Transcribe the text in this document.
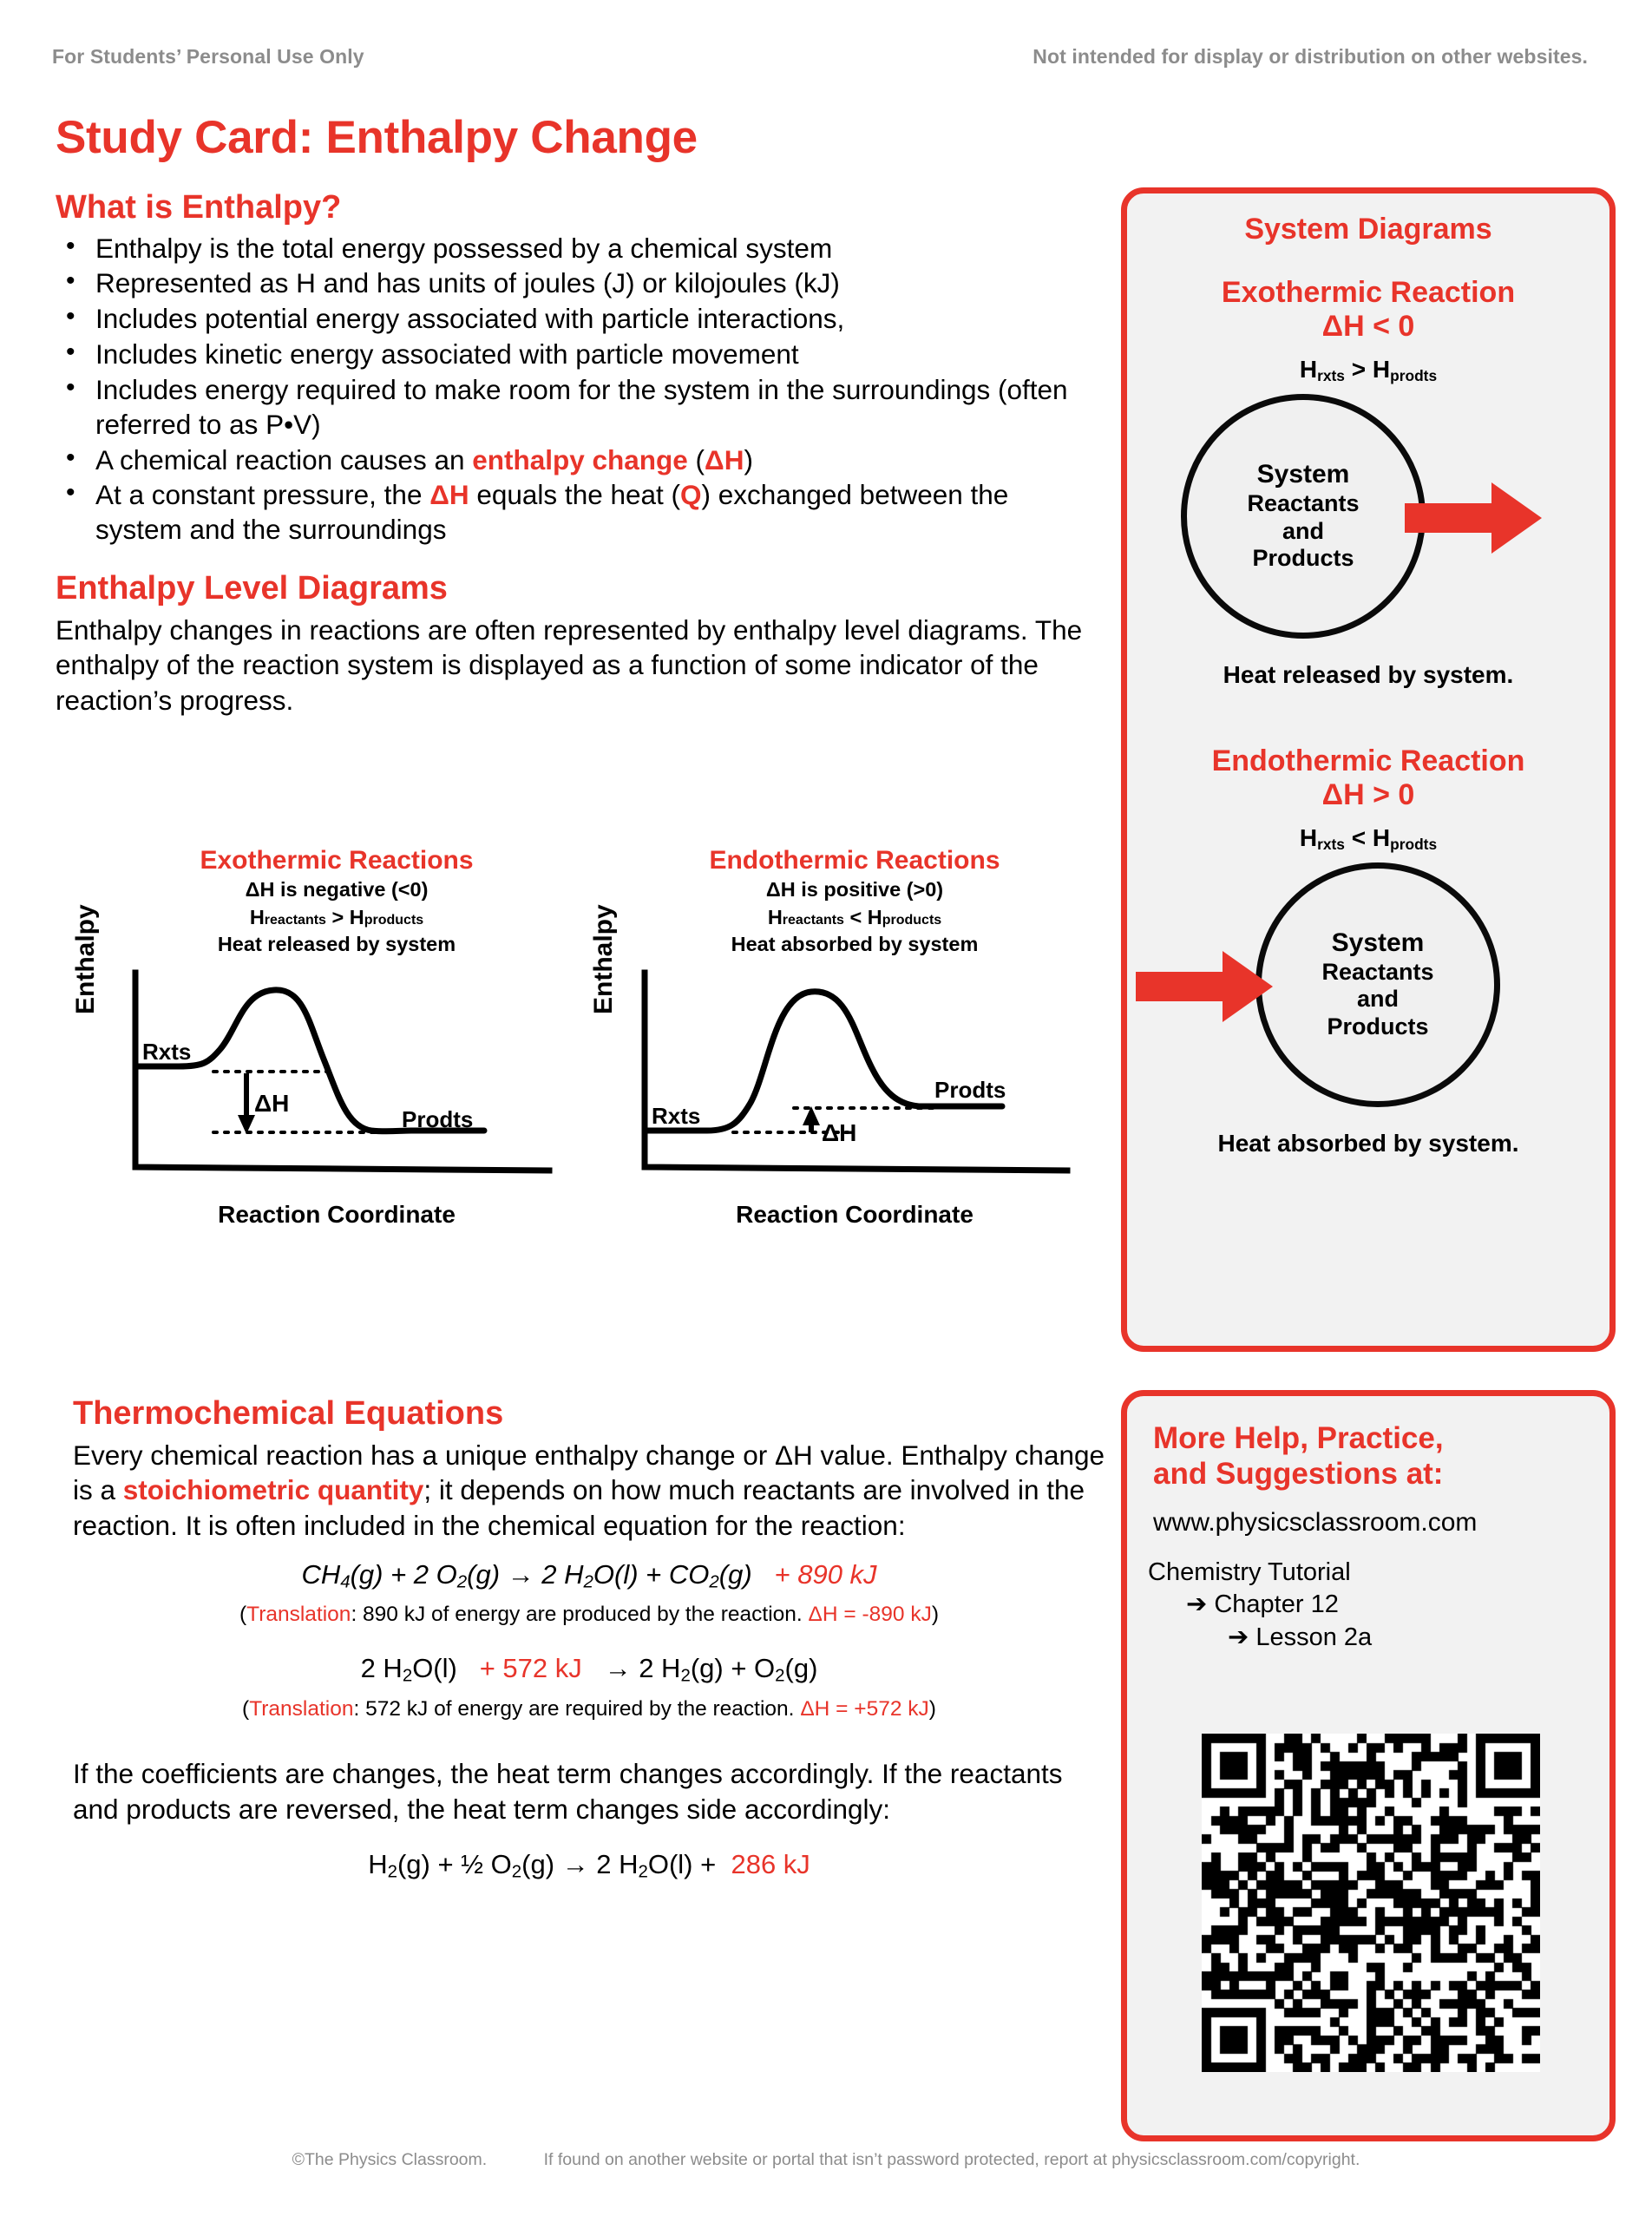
For Students’ Personal Use Only	Not intended for display or distribution on other websites.
Study Card: Enthalpy Change
What is Enthalpy?
• Enthalpy is the total energy possessed by a chemical system
• Represented as H and has units of joules (J) or kilojoules (kJ)
• Includes potential energy associated with particle interactions,
• Includes kinetic energy associated with particle movement
• Includes energy required to make room for the system in the surroundings (often referred to as P•V)
• A chemical reaction causes an enthalpy change (ΔH)
• At a constant pressure, the ΔH equals the heat (Q) exchanged between the system and the surroundings
Enthalpy Level Diagrams

Enthalpy changes in reactions are often represented by enthalpy level diagrams. The enthalpy of the reaction system is displayed as a function of some indicator of the reaction’s progress.

Exothermic Reactions
ΔH is negative (<0)
Hreactants > Hproducts
Heat released by system
Enthalpy
ΔH
Rxts
Prodts
Reaction Coordinate
Endothermic Reactions
ΔH is positive (>0)
Hreactants < Hproducts
Heat absorbed by system
Enthalpy
ΔH
Rxts
Prodts
Reaction Coordinate
Thermochemical Equations

Every chemical reaction has a unique enthalpy change or ΔH value. Enthalpy change is a stoichiometric quantity; it depends on how much reactants are involved in the reaction. It is often included in the chemical equation for the reaction:

$CH_4(g) + 2$ $O_2(g) \to 2$ $H_2O(l) + CO_2(g) + 890$ kJ
(Translation: 890 kJ of energy are produced by the reaction. ΔH = -890 kJ)
2 $H_2O(l) + 572$ kJ   → 2 $H_2(g) + O_2(g)$
(Translation: 572 kJ of energy are required by the reaction. ΔH = +572 kJ)

If the coefficients are changes, the heat term changes accordingly. If the reactants and products are reversed, the heat term changes side accordingly:

$H_2(g)$ + ½ $O_2(g) \to 2$ $H_2O(l) + 286$ kJ
System Diagrams
Exothermic Reaction
ΔH < 0
$H_{rxts} > H_{prodts}$
System
Reactants
and
Products
Heat released by system.
Endothermic Reaction
ΔH > 0
$H_{rxts} < H_{prodts}$
System
Reactants
and
Products
Heat absorbed by system.
More Help, Practice,
and Suggestions at:
www.physicsclassroom.com
Chemistry Tutorial
➔ Chapter 12
➔ Lesson 2a
©The Physics Classroom.	If found on another website or portal that isn’t password protected, report at physicsclassroom.com/copyright.
